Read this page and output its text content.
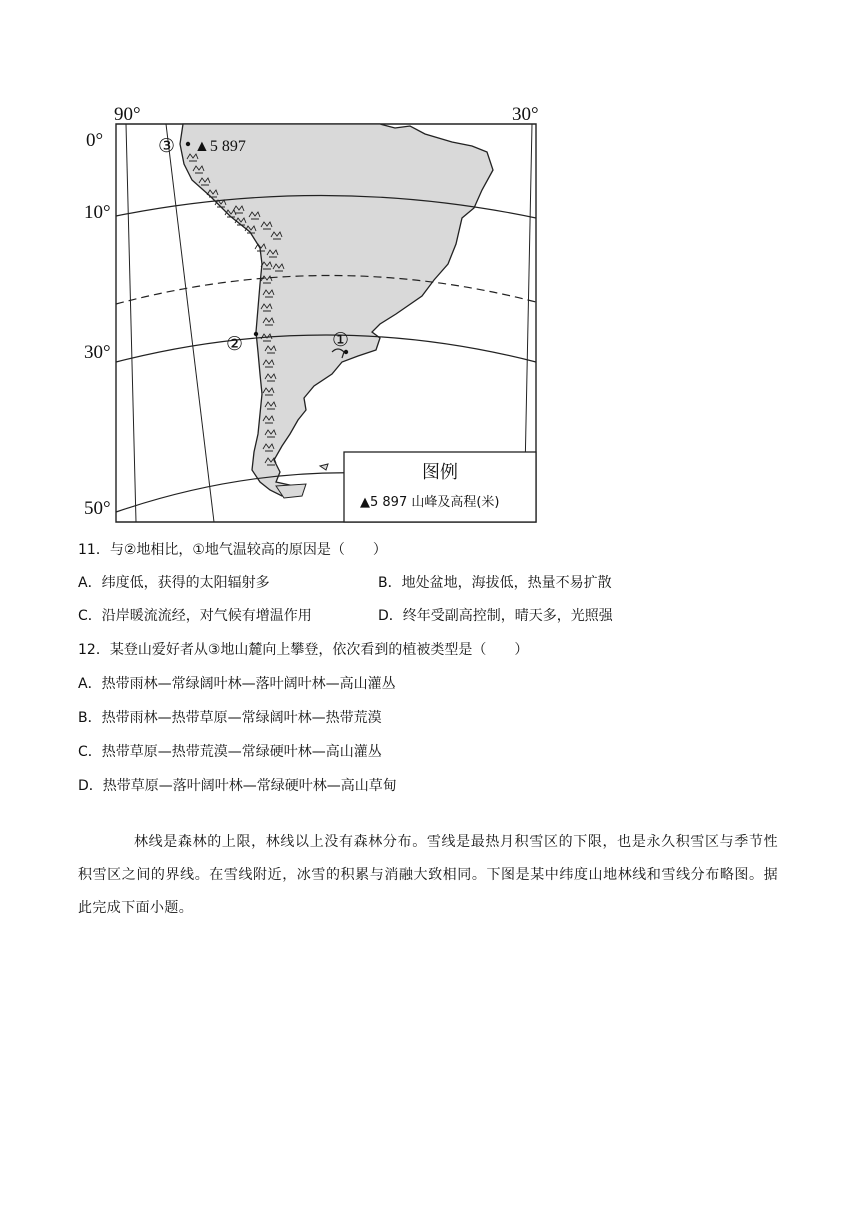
图例
▲5 897 山峰及高程(米)
90°	30°
0°
10°
30°
50°
③ ▲5 897
②	①
11．与②地相比，①地气温较高的原因是（　　）
A．纬度低，获得的太阳辐射多	B．地处盆地，海拔低，热量不易扩散
C．沿岸暖流流经，对气候有增温作用	D．终年受副高控制，晴天多，光照强
12．某登山爱好者从③地山麓向上攀登，依次看到的植被类型是（　　）
A．热带雨林—常绿阔叶林—落叶阔叶林—高山灌丛
B．热带雨林—热带草原—常绿阔叶林—热带荒漠
C．热带草原—热带荒漠—常绿硬叶林—高山灌丛
D．热带草原—落叶阔叶林—常绿硬叶林—高山草甸
林线是森林的上限，林线以上没有森林分布。雪线是最热月积雪区的下限，也是永久积雪区与季节性积雪区之间的界线。在雪线附近，冰雪的积累与消融大致相同。下图是某中纬度山地林线和雪线分布略图。据此完成下面小题。
